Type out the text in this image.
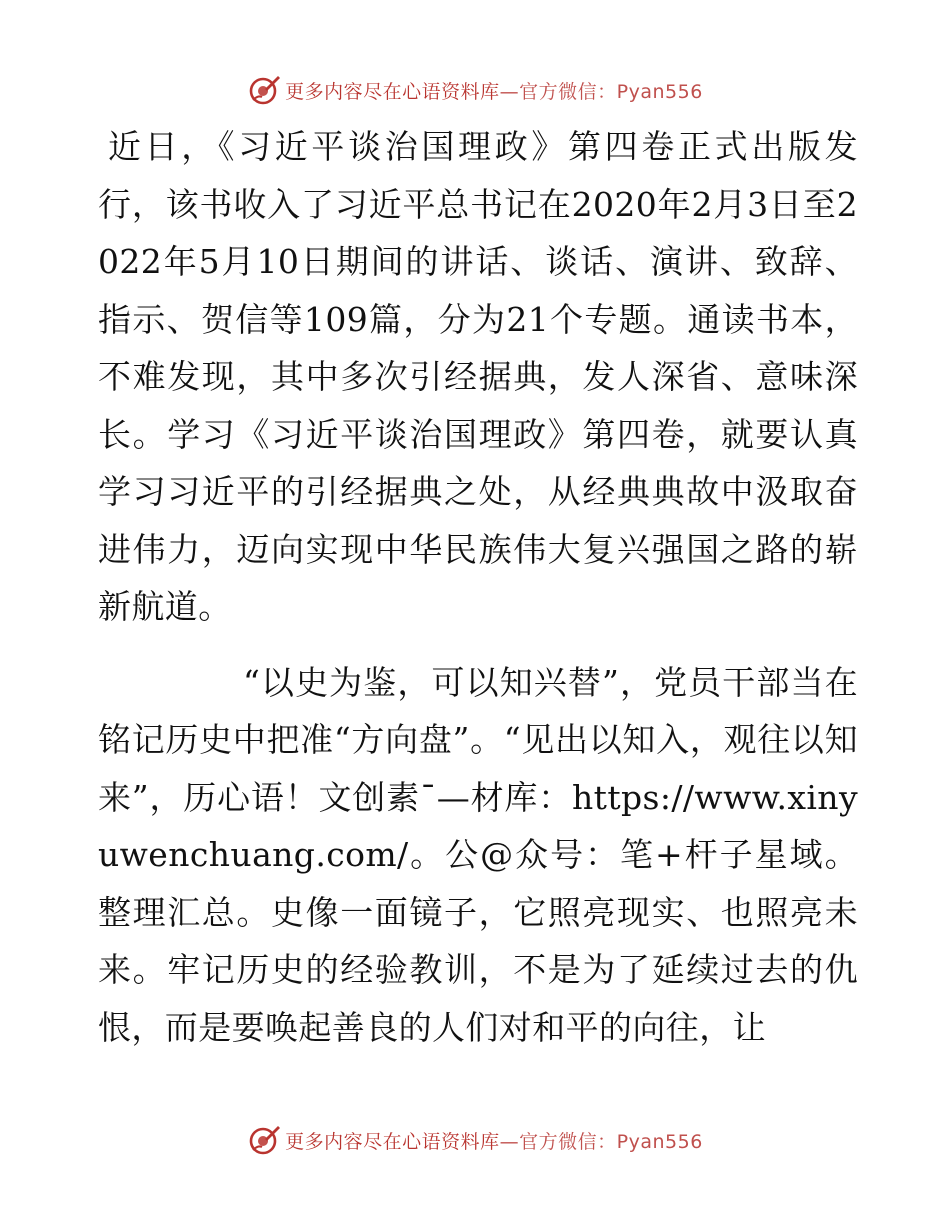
更多内容尽在心语资料库—官方微信：Pyan556

近日，《习近平谈治国理政》第四卷正式出版发行，该书收入了习近平总书记在2020年2月3日至2022年5月10日期间的讲话、谈话、演讲、致辞、指示、贺信等109篇，分为21个专题。通读书本，不难发现，其中多次引经据典，发人深省、意味深长。学习《习近平谈治国理政》第四卷，就要认真学习习近平的引经据典之处，从经典典故中汲取奋进伟力，迈向实现中华民族伟大复兴强国之路的崭新航道。

“以史为鉴，可以知兴替”，党员干部当在铭记历史中把准“方向盘”。“见出以知入，观往以知来”，历心语！文创素¯—材库：https://www.xinyuwenchuang.com/。公@众号：笔+杆子星域。整理汇总。史像一面镜子，它照亮现实、也照亮未来。牢记历史的经验教训，不是为了延续过去的仇恨，而是要唤起善良的人们对和平的向往，让

更多内容尽在心语资料库—官方微信：Pyan556
